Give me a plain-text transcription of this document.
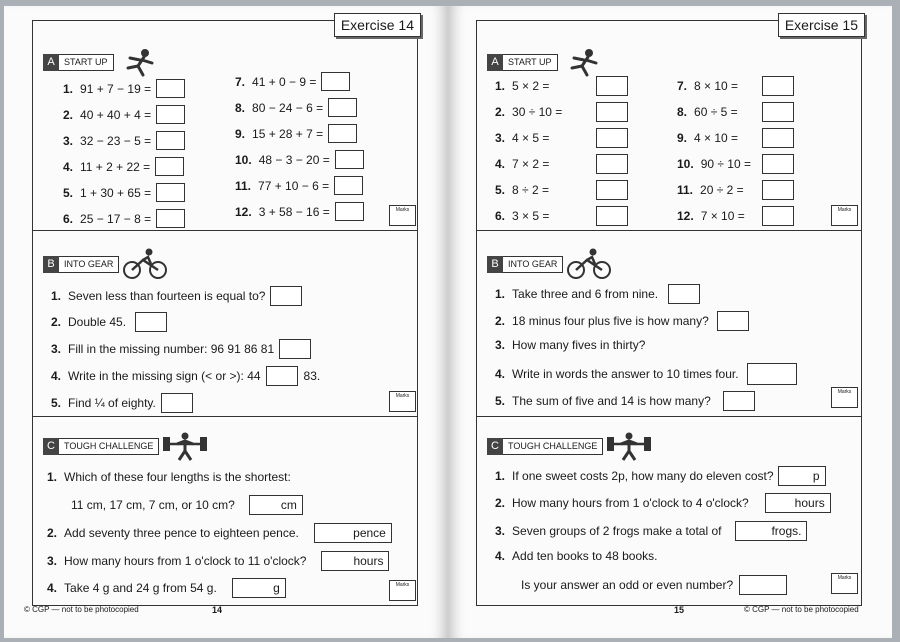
Exercise 14
A	START UP
1. 91 + 7 − 19 =
2. 40 + 40 + 4 =
3. 32 − 23 − 5 =
4. 11 + 2 + 22 =
5. 1 + 30 + 65 =
6. 25 − 17 − 8 =
7. 41 + 0 − 9 =
8. 80 − 24 − 6 =
9. 15 + 28 + 7 =
10. 48 − 3 − 20 =
11. 77 + 10 − 6 =
12. 3 + 58 − 16 =	Marks
B	INTO GEAR
1. Seven less than fourteen is equal to?
2. Double 45.
3. Fill in the missing number: 96 91 86 81
4. Write in the missing sign (< or >): 44	83.
5. Find ¼ of eighty.	Marks
C	TOUGH CHALLENGE
1. Which of these four lengths is the shortest:
11 cm, 17 cm, 7 cm, or 10 cm?	cm
2. Add seventy three pence to eighteen pence.	pence
3. How many hours from 1 o'clock to 11 o'clock?	hours
4. Take 4 g and 24 g from 54 g.	g	Marks
© CGP — not to be photocopied	14
Exercise 15
A	START UP
1. 5 × 2 =
2. 30 ÷ 10 =
3. 4 × 5 =
4. 7 × 2 =
5. 8 ÷ 2 =
6. 3 × 5 =
7. 8 × 10 =
8. 60 ÷ 5 =
9. 4 × 10 =
10. 90 ÷ 10 =
11. 20 ÷ 2 =
12. 7 × 10 =	Marks
B	INTO GEAR
1. Take three and 6 from nine.
2. 18 minus four plus five is how many?
3. How many fives in thirty?
4. Write in words the answer to 10 times four.
5. The sum of five and 14 is how many?
Marks
C	TOUGH CHALLENGE
1. If one sweet costs 2p, how many do eleven cost?	p
2. How many hours from 1 o'clock to 4 o'clock?	hours
3. Seven groups of 2 frogs make a total of	frogs.
4. Add ten books to 48 books.
Is your answer an odd or even number?	Marks
15	© CGP — not to be photocopied
